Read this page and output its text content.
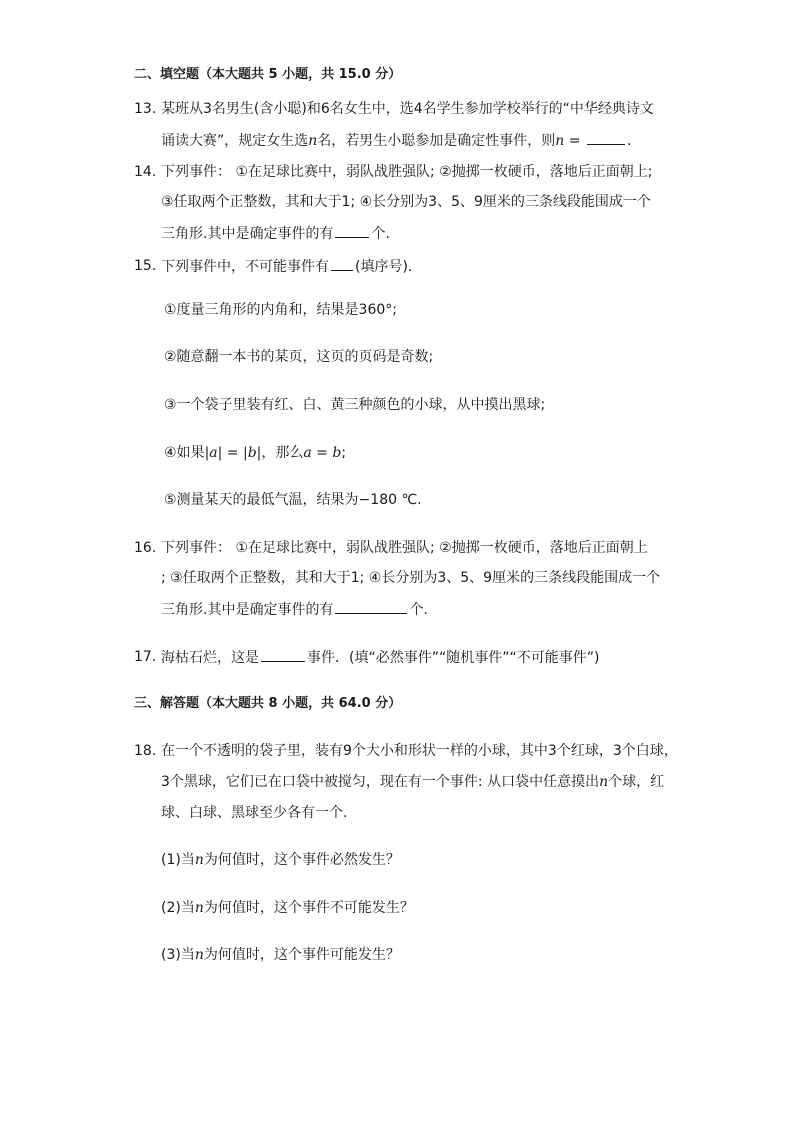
二、填空题（本大题共 5 小题，共 15.0 分）
13. 某班从3名男生(含小聪)和6名女生中，选4名学生参加学校举行的“中华经典诗文
诵读大赛”，规定女生选n名，若男生小聪参加是确定性事件，则n =	.
14. 下列事件： ①在足球比赛中，弱队战胜强队; ②抛掷一枚硬币，落地后正面朝上;
③任取两个正整数，其和大于1; ④长分别为3、5、9厘米的三条线段能围成一个
三角形.其中是确定事件的有	个.
15. 下列事件中，不可能事件有 (填序号)．
①度量三角形的内角和，结果是360°;
②随意翻一本书的某页，这页的页码是奇数;
③一个袋子里装有红、白、黄三种颜色的小球，从中摸出黑球;
④如果|a| = |b|，那么a = b;
⑤测量某天的最低气温，结果为−180 ℃.
16. 下列事件： ①在足球比赛中，弱队战胜强队; ②抛掷一枚硬币，落地后正面朝上
; ③任取两个正整数，其和大于1; ④长分别为3、5、9厘米的三条线段能围成一个
三角形.其中是确定事件的有	个.
17. 海枯石烂，这是	事件．(填“必然事件”“随机事件”“不可能事件”)
三、解答题（本大题共 8 小题，共 64.0 分）
18. 在一个不透明的袋子里，装有9个大小和形状一样的小球，其中3个红球，3个白球，
3个黑球，它们已在口袋中被搅匀，现在有一个事件: 从口袋中任意摸出n个球，红
球、白球、黑球至少各有一个.
(1)当n为何值时，这个事件必然发生？
(2)当n为何值时，这个事件不可能发生？
(3)当n为何值时，这个事件可能发生？
